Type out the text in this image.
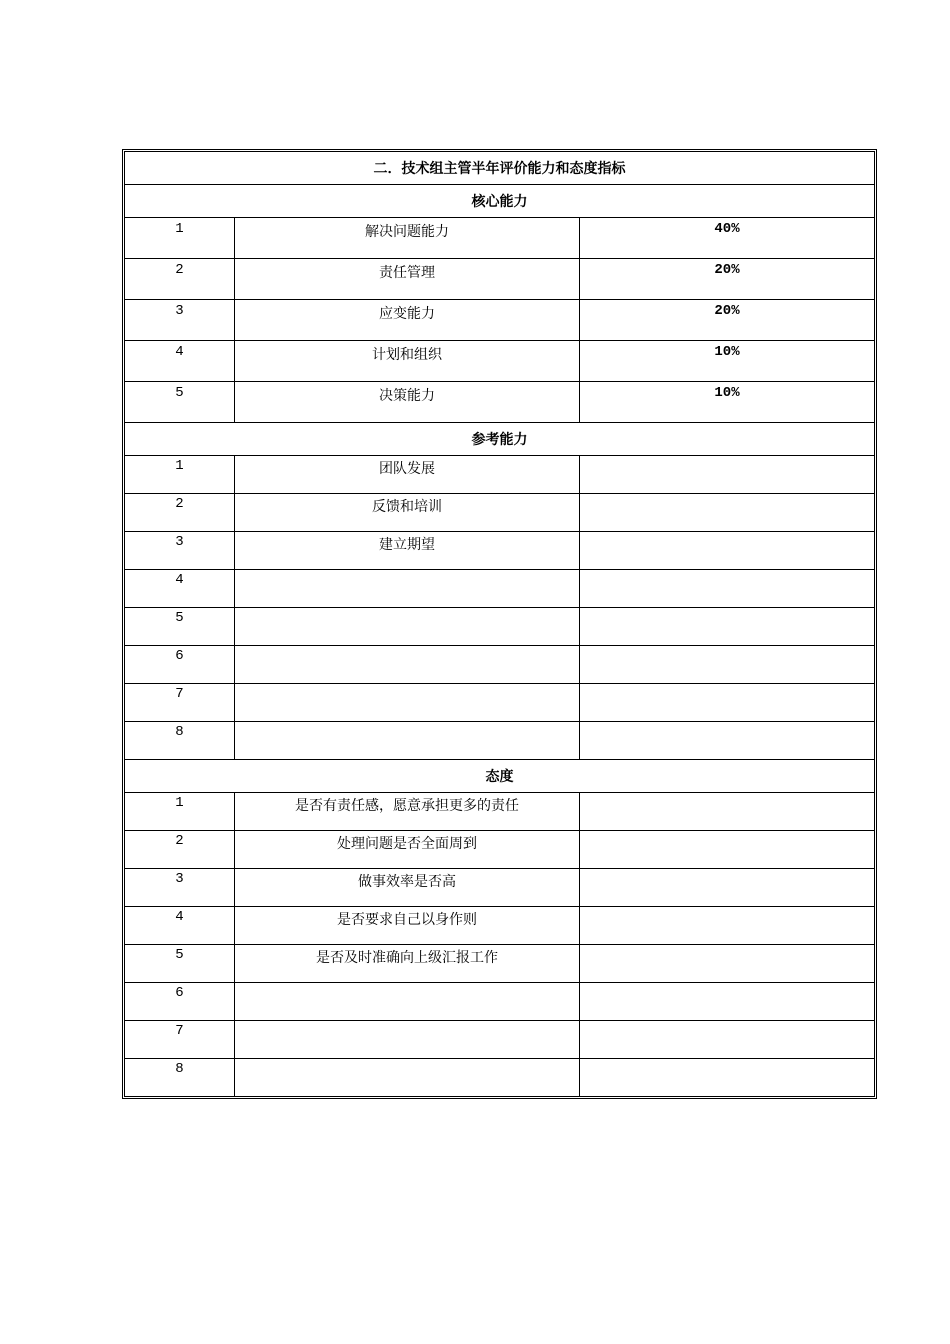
二．技术组主管半年评价能力和态度指标		
核心能力		
1	解决问题能力	40%
2	责任管理	20%
3	应变能力	20%
4	计划和组织	10%
5	决策能力	10%
参考能力		
1	团队发展	
2	反馈和培训	
3	建立期望	
4		
5		
6		
7		
8		
态度		
1	是否有责任感，愿意承担更多的责任	
2	处理问题是否全面周到	
3	做事效率是否高	
4	是否要求自己以身作则	
5	是否及时准确向上级汇报工作	
6		
7		
8		
